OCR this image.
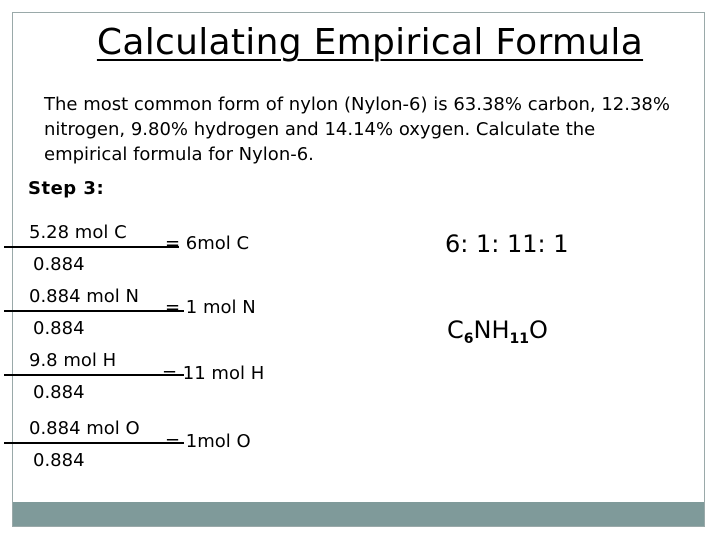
Calculating Empirical Formula
The most common form of nylon (Nylon-6) is 63.38% carbon, 12.38% nitrogen, 9.80% hydrogen and 14.14% oxygen. Calculate the empirical formula for Nylon-6.
Step 3:
5.28 mol C
0.884
= 6mol C
0.884 mol N
0.884
= 1 mol N
9.8 mol H
0.884
= 11 mol H
0.884 mol O
0.884
= 1mol O
6: 1: 11: 1
$C_6NH_{11}O$
